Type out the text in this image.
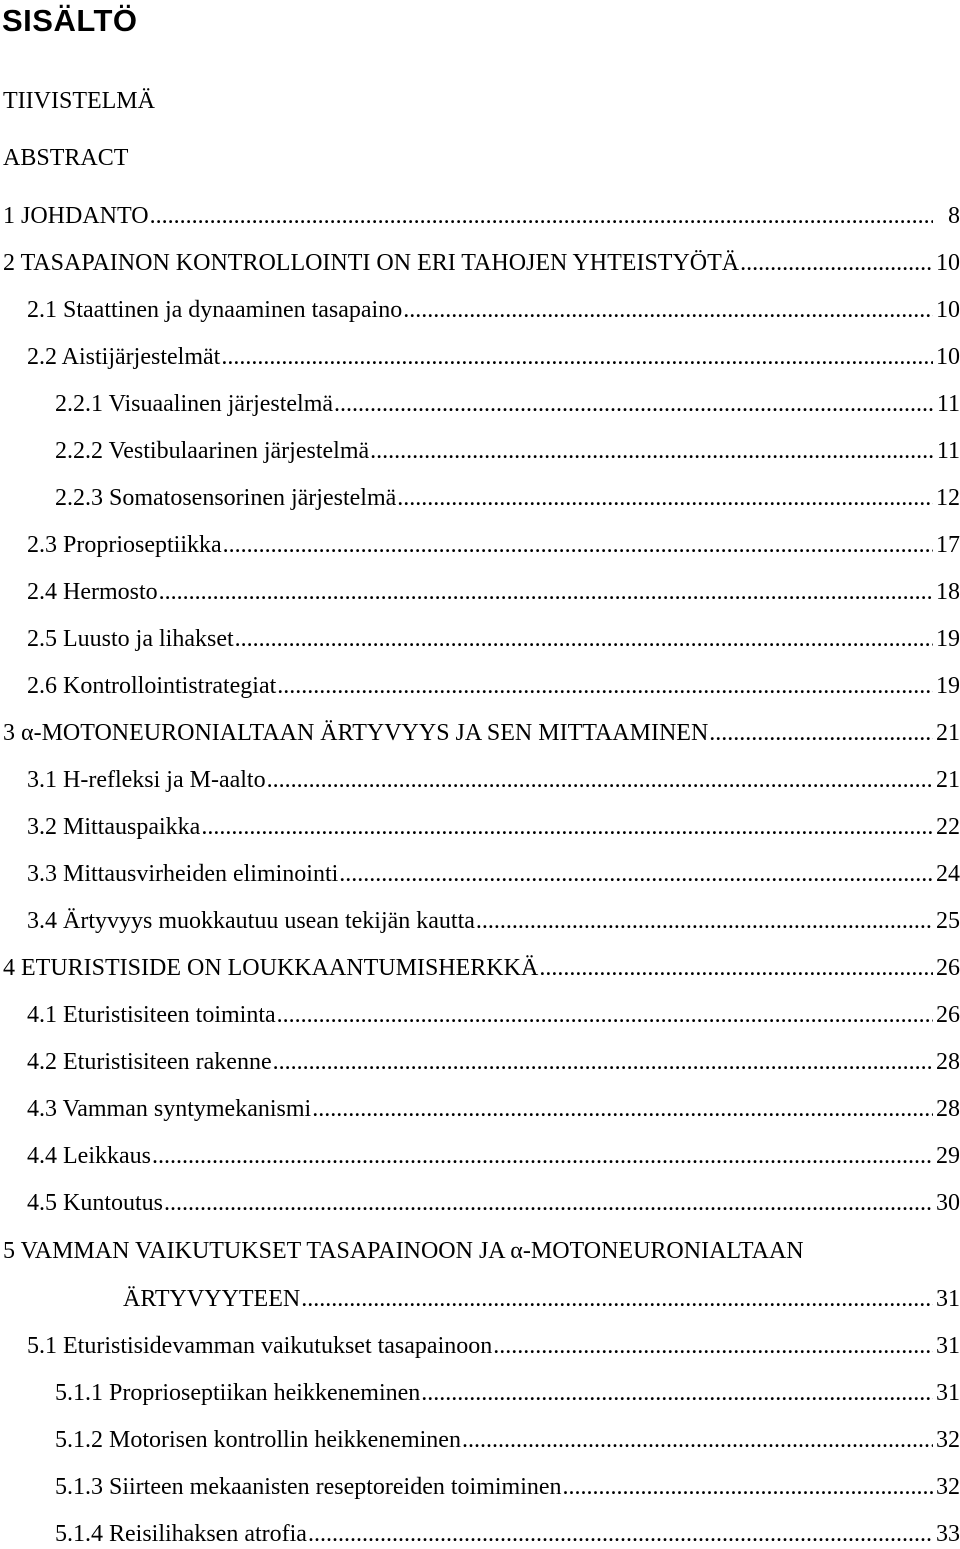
SISÄLTÖ
TIIVISTELMÄ
ABSTRACT
1 JOHDANTO .....	8
2 TASAPAINON KONTROLLOINTI ON ERI TAHOJEN YHTEISTYÖTÄ .....	10
2.1 Staattinen ja dynaaminen tasapaino .....	10
2.2 Aistijärjestelmät .....	10
2.2.1 Visuaalinen järjestelmä .....	11
2.2.2 Vestibulaarinen järjestelmä .....	11
2.2.3 Somatosensorinen järjestelmä .....	12
2.3 Proprioseptiikka .....	17
2.4 Hermosto .....	18
2.5 Luusto ja lihakset .....	19
2.6 Kontrollointistrategiat .....	19
3 α-MOTONEURONIALTAAN ÄRTYVYYS JA SEN MITTAAMINEN .....	21
3.1 H-refleksi ja M-aalto .....	21
3.2 Mittauspaikka .....	22
3.3 Mittausvirheiden eliminointi .....	24
3.4 Ärtyvyys muokkautuu usean tekijän kautta .....	25
4 ETURISTISIDE ON LOUKKAANTUMISHERKKÄ .....	26
4.1 Eturistisiteen toiminta .....	26
4.2 Eturistisiteen rakenne .....	28
4.3 Vamman syntymekanismi .....	28
4.4 Leikkaus .....	29
4.5 Kuntoutus .....	30
5 VAMMAN VAIKUTUKSET TASAPAINOON JA α-MOTONEURONIALTAAN
ÄRTYVYYTEEN .....	31
5.1 Eturistisidevamman vaikutukset tasapainoon .....	31
5.1.1 Proprioseptiikan heikkeneminen .....	31
5.1.2 Motorisen kontrollin heikkeneminen .....	32
5.1.3 Siirteen mekaanisten reseptoreiden toimiminen .....	32
5.1.4 Reisilihaksen atrofia .....	33
